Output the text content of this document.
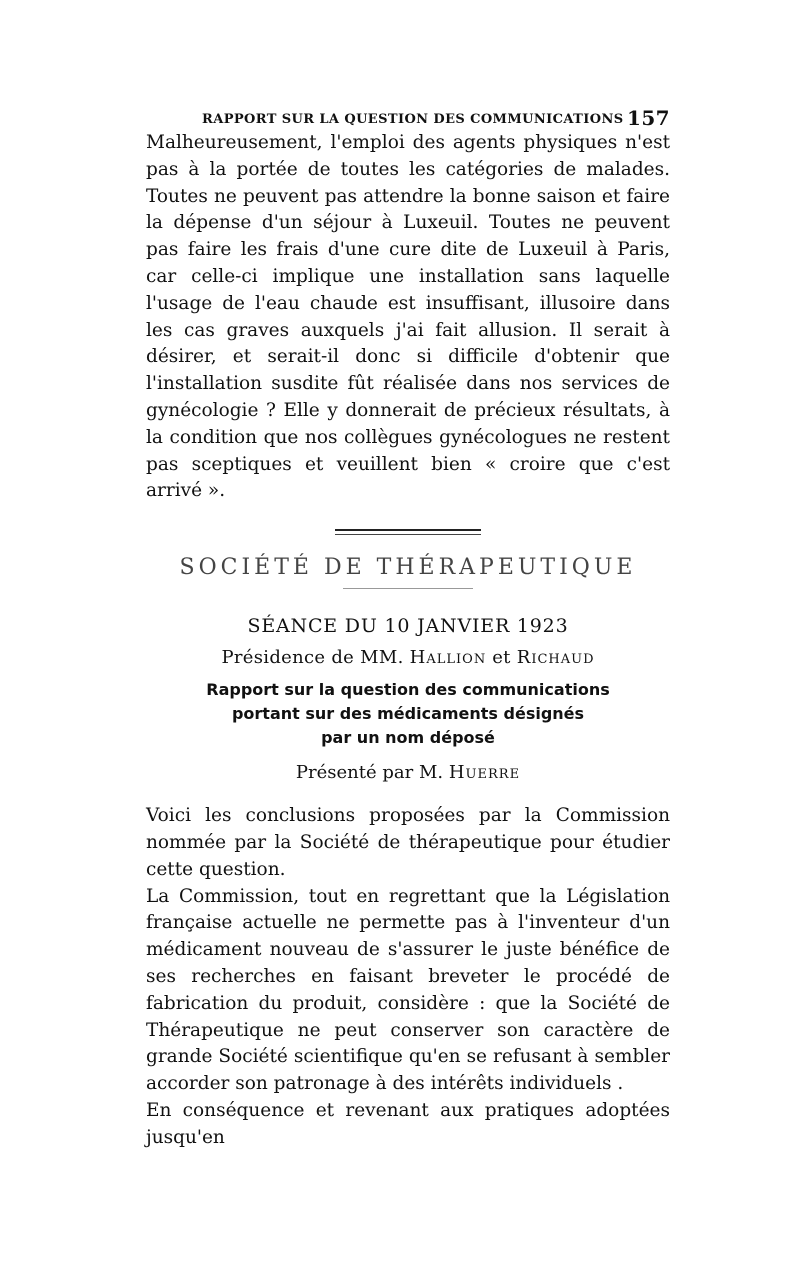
RAPPORT SUR LA QUESTION DES COMMUNICATIONS 157

Malheureusement, l'emploi des agents physiques n'est pas à la portée de toutes les catégories de malades. Toutes ne peuvent pas attendre la bonne saison et faire la dépense d'un séjour à Luxeuil. Toutes ne peuvent pas faire les frais d'une cure dite de Luxeuil à Paris, car celle-ci implique une installation sans laquelle l'usage de l'eau chaude est insuffisant, illusoire dans les cas graves auxquels j'ai fait allusion. Il serait à désirer, et serait-il donc si difficile d'obtenir que l'installation susdite fût réalisée dans nos services de gynécologie ? Elle y donnerait de précieux résultats, à la condition que nos collègues gynécologues ne restent pas sceptiques et veuillent bien « croire que c'est arrivé ».

SOCIÉTÉ DE THÉRAPEUTIQUE
SÉANCE DU 10 JANVIER 1923
Présidence de MM. Hallion et Richaud
Rapport sur la question des communications
portant sur des médicaments désignés
par un nom déposé
Présenté par M. Huerre

Voici les conclusions proposées par la Commission nommée par la Société de thérapeutique pour étudier cette question.

La Commission, tout en regrettant que la Législation française actuelle ne permette pas à l'inventeur d'un médicament nouveau de s'assurer le juste bénéfice de ses recherches en faisant breveter le procédé de fabrication du produit, considère : que la Société de Thérapeutique ne peut conserver son caractère de grande Société scientifique qu'en se refusant à sembler accorder son patronage à des intérêts individuels .

En conséquence et revenant aux pratiques adoptées jusqu'en
